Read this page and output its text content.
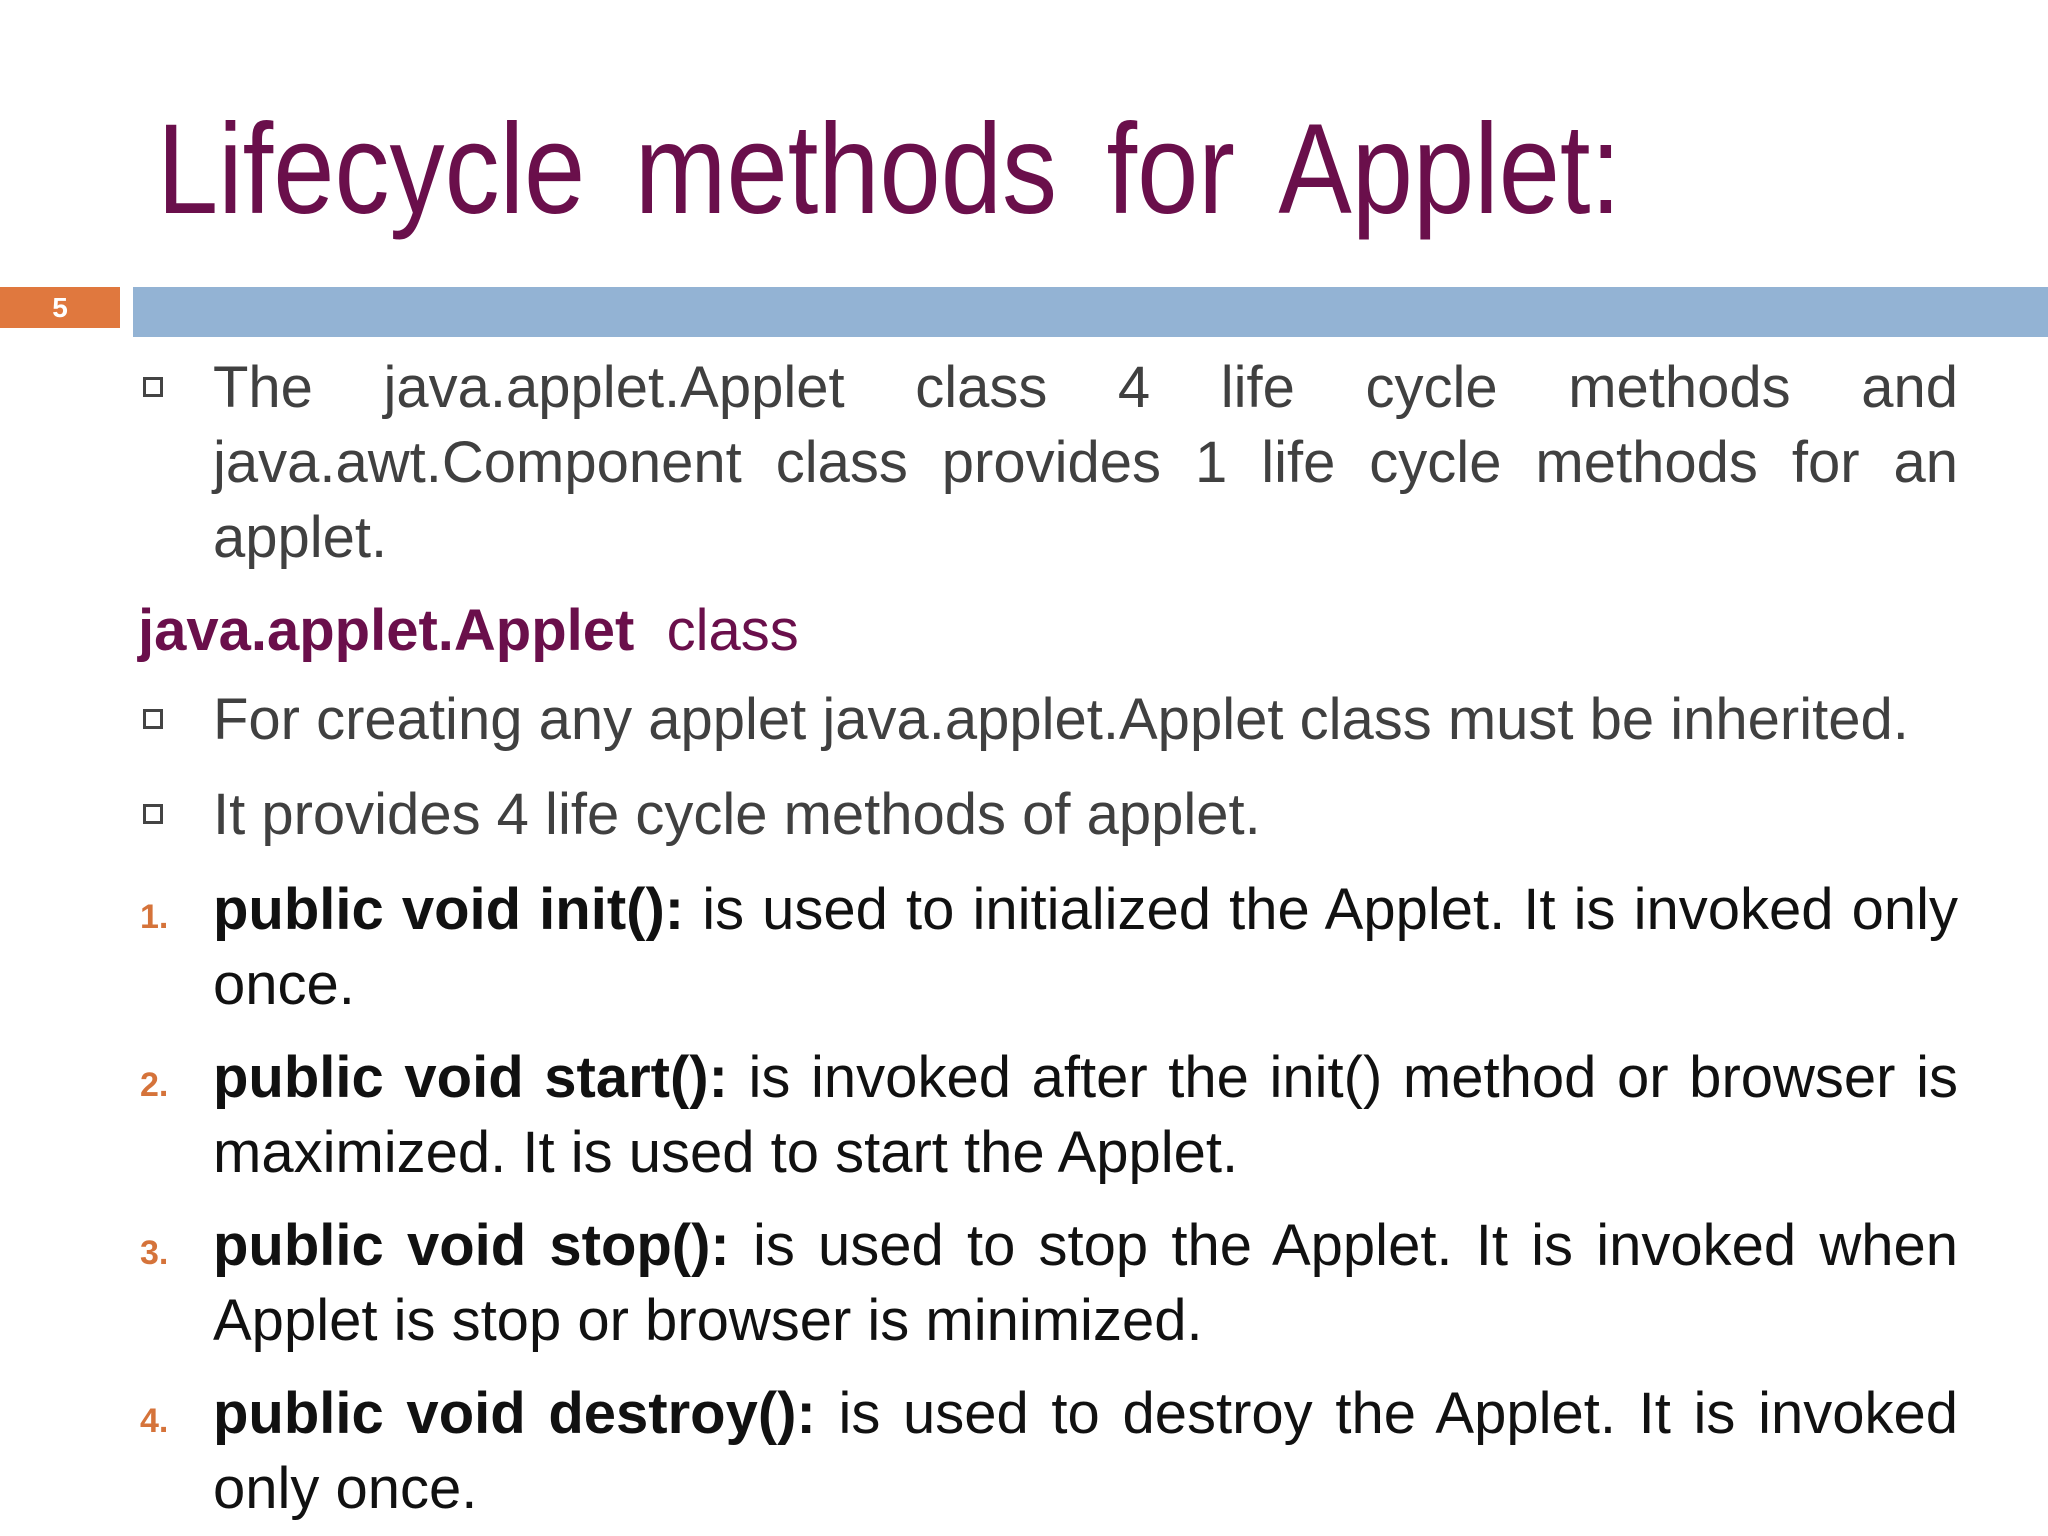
Lifecycle methods for Applet:
5
The java.applet.Applet class 4 life cycle methods and java.awt.Component class provides 1 life cycle methods for an applet.
java.applet.Applet class
For creating any applet java.applet.Applet class must be inherited.
It provides 4 life cycle methods of applet.
1. public void init(): is used to initialized the Applet. It is invoked only once.
2. public void start(): is invoked after the init() method or browser is maximized. It is used to start the Applet.
3. public void stop(): is used to stop the Applet. It is invoked when Applet is stop or browser is minimized.
4. public void destroy(): is used to destroy the Applet. It is invoked only once.
